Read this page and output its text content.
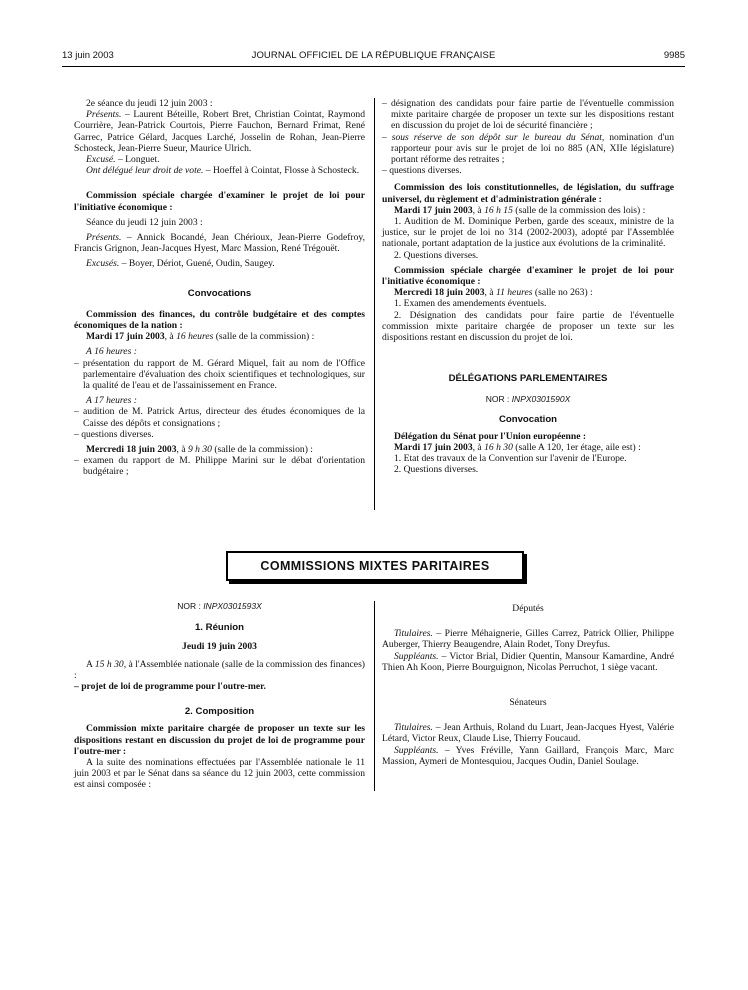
13 juin 2003	JOURNAL OFFICIEL DE LA RÉPUBLIQUE FRANÇAISE	9985

2e séance du jeudi 12 juin 2003 :

Présents. – Laurent Béteille, Robert Bret, Christian Cointat, Raymond Courrière, Jean-Patrick Courtois, Pierre Fauchon, Bernard Frimat, René Garrec, Patrice Gélard, Jacques Larché, Josselin de Rohan, Jean-Pierre Schosteck, Jean-Pierre Sueur, Maurice Ulrich.

Excusé. – Longuet.

Ont délégué leur droit de vote. – Hoeffel à Cointat, Flosse à Schosteck.

Commission spéciale chargée d'examiner le projet de loi pour l'initiative économique :

Séance du jeudi 12 juin 2003 :

Présents. – Annick Bocandé, Jean Chérioux, Jean-Pierre Godefroy, Francis Grignon, Jean-Jacques Hyest, Marc Massion, René Trégouët.

Excusés. – Boyer, Dériot, Guené, Oudin, Saugey.

Convocations

Commission des finances, du contrôle budgétaire et des comptes économiques de la nation :

Mardi 17 juin 2003, à 16 heures (salle de la commission) :

A 16 heures :

– présentation du rapport de M. Gérard Miquel, fait au nom de l'Office parlementaire d'évaluation des choix scientifiques et technologiques, sur la qualité de l'eau et de l'assainissement en France.

A 17 heures :

– audition de M. Patrick Artus, directeur des études économiques de la Caisse des dépôts et consignations ;

– questions diverses.

Mercredi 18 juin 2003, à 9 h 30 (salle de la commission) :

– examen du rapport de M. Philippe Marini sur le débat d'orientation budgétaire ;

– désignation des candidats pour faire partie de l'éventuelle commission mixte paritaire chargée de proposer un texte sur les dispositions restant en discussion du projet de loi de sécurité financière ;

– sous réserve de son dépôt sur le bureau du Sénat, nomination d'un rapporteur pour avis sur le projet de loi no 885 (AN, XIIe législature) portant réforme des retraites ;

– questions diverses.

Commission des lois constitutionnelles, de législation, du suffrage universel, du règlement et d'administration générale :

Mardi 17 juin 2003, à 16 h 15 (salle de la commission des lois) :

1. Audition de M. Dominique Perben, garde des sceaux, ministre de la justice, sur le projet de loi no 314 (2002-2003), adopté par l'Assemblée nationale, portant adaptation de la justice aux évolutions de la criminalité.

2. Questions diverses.

Commission spéciale chargée d'examiner le projet de loi pour l'initiative économique :

Mercredi 18 juin 2003, à 11 heures (salle no 263) :

1. Examen des amendements éventuels.

2. Désignation des candidats pour faire partie de l'éventuelle commission mixte paritaire chargée de proposer un texte sur les dispositions restant en discussion du projet de loi.

DÉLÉGATIONS PARLEMENTAIRES

NOR : INPX0301590X

Convocation

Délégation du Sénat pour l'Union européenne :

Mardi 17 juin 2003, à 16 h 30 (salle A 120, 1er étage, aile est) :

1. Etat des travaux de la Convention sur l'avenir de l'Europe.

2. Questions diverses.

COMMISSIONS MIXTES PARITAIRES

NOR : INPX0301593X

1. Réunion

Jeudi 19 juin 2003

A 15 h 30, à l'Assemblée nationale (salle de la commission des finances) :

– projet de loi de programme pour l'outre-mer.

2. Composition

Commission mixte paritaire chargée de proposer un texte sur les dispositions restant en discussion du projet de loi de programme pour l'outre-mer :

A la suite des nominations effectuées par l'Assemblée nationale le 11 juin 2003 et par le Sénat dans sa séance du 12 juin 2003, cette commission est ainsi composée :

Députés

Titulaires. – Pierre Méhaignerie, Gilles Carrez, Patrick Ollier, Philippe Auberger, Thierry Beaugendre, Alain Rodet, Tony Dreyfus.

Suppléants. – Victor Brial, Didier Quentin, Mansour Kamardine, André Thien Ah Koon, Pierre Bourguignon, Nicolas Perruchot, 1 siège vacant.

Sénateurs

Titulaires. – Jean Arthuis, Roland du Luart, Jean-Jacques Hyest, Valérie Létard, Victor Reux, Claude Lise, Thierry Foucaud.

Suppléants. – Yves Fréville, Yann Gaillard, François Marc, Marc Massion, Aymeri de Montesquiou, Jacques Oudin, Daniel Soulage.
